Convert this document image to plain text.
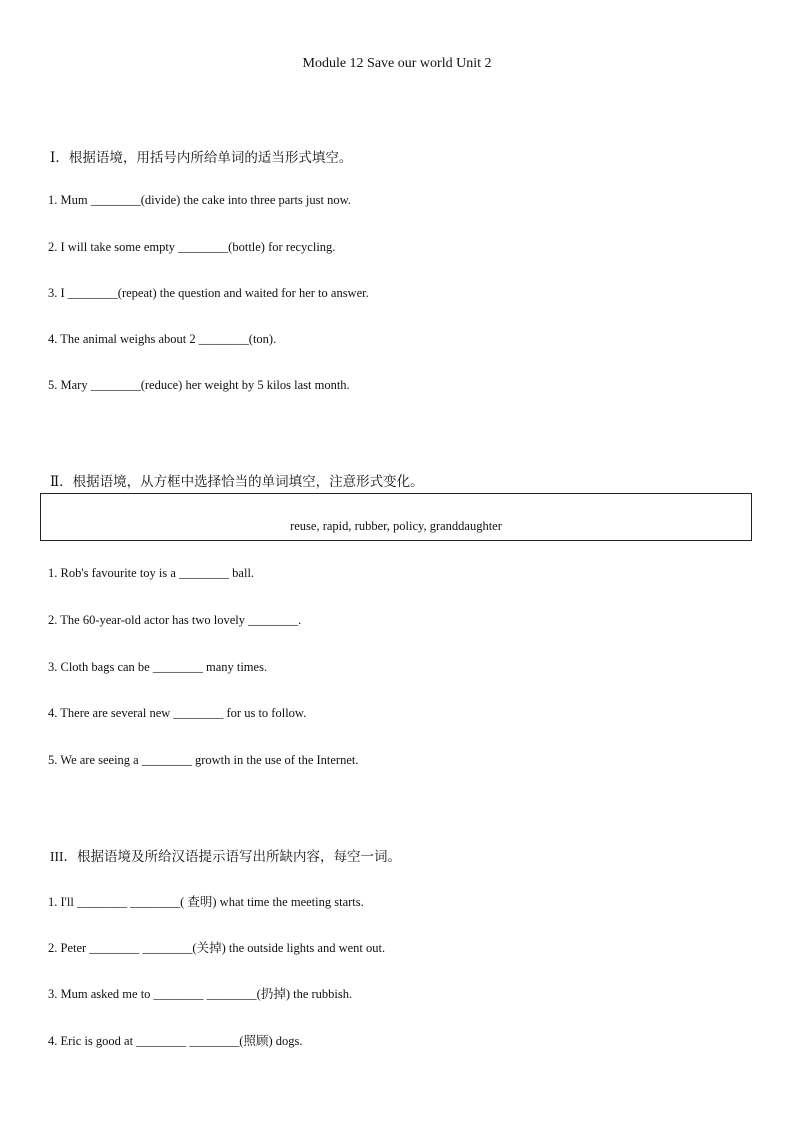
Module 12 Save our world Unit 2
Ⅰ．根据语境，用括号内所给单词的适当形式填空。
1. Mum ________(divide) the cake into three parts just now.
2. I will take some empty ________(bottle) for recycling.
3. I ________(repeat) the question and waited for her to answer.
4. The animal weighs about 2 ________(ton).
5. Mary ________(reduce) her weight by 5 kilos last month.
Ⅱ．根据语境，从方框中选择恰当的单词填空，注意形式变化。
reuse, rapid, rubber, policy, granddaughter
1. Rob's favourite toy is a ________ ball.
2. The 60-year-old actor has two lovely ________.
3. Cloth bags can be ________ many times.
4. There are several new ________ for us to follow.
5. We are seeing a ________ growth in the use of the Internet.
III．根据语境及所给汉语提示语写出所缺内容，每空一词。
1. I'll ________ ________( 查明) what time the meeting starts.
2. Peter ________ ________(关掉) the outside lights and went out.
3. Mum asked me to ________ ________(扔掉) the rubbish.
4. Eric is good at ________ ________(照顾) dogs.
